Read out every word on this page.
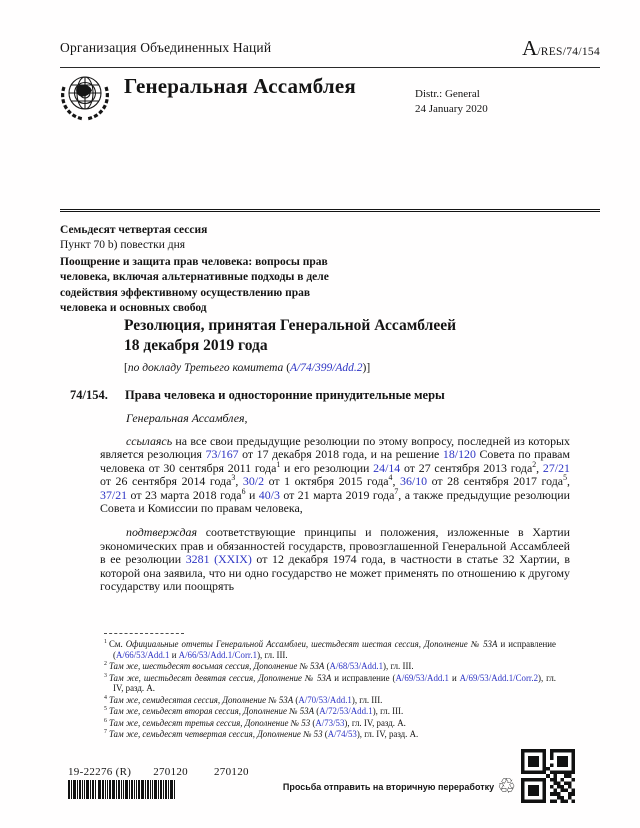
Организация Объединенных Наций	A/RES/74/154
Генеральная Ассамблея	Distr.: General
24 January 2020
Семьдесят четвертая сессия
Пункт 70 b) повестки дня
Поощрение и защита прав человека: вопросы прав человека, включая альтернативные подходы в деле содействия эффективному осуществлению прав человека и основных свобод
Резолюция, принятая Генеральной Ассамблеей
18 декабря 2019 года
[по докладу Третьего комитета (A/74/399/Add.2)]
74/154. Права человека и односторонние принудительные меры

Генеральная Ассамблея,

ссылаясь на все свои предыдущие резолюции по этому вопросу, последней из которых является резолюция 73/167 от 17 декабря 2018 года, и на решение 18/120 Совета по правам человека от 30 сентября 2011 года$^1$ и его резолюции 24/14 от 27 сентября 2013 года$^2$, 27/21 от 26 сентября 2014 года$^3$, 30/2 от 1 октября 2015 года$^4$, 36/10 от 28 сентября 2017 года$^5$, 37/21 от 23 марта 2018 года$^6$ и 40/3 от 21 марта 2019 года$^7$, а также предыдущие резолюции Совета и Комиссии по правам человека,

подтверждая соответствующие принципы и положения, изложенные в Хартии экономических прав и обязанностей государств, провозглашенной Генеральной Ассамблеей в ее резолюции 3281 (XXIX) от 12 декабря 1974 года, в частности в статье 32 Хартии, в которой она заявила, что ни одно государство не может применять по отношению к другому государству или поощрять

$^1$ См. Официальные отчеты Генеральной Ассамблеи, шестьдесят шестая сессия, Дополнение № 53A и исправление (A/66/53/Add.1 и A/66/53/Add.1/Corr.1), гл. III.
$^2$ Там же, шестьдесят восьмая сессия, Дополнение № 53A (A/68/53/Add.1), гл. III.
$^3$ Там же, шестьдесят девятая сессия, Дополнение № 53A и исправление (A/69/53/Add.1 и A/69/53/Add.1/Corr.2), гл. IV, разд. A.
$^4$ Там же, семидесятая сессия, Дополнение № 53A (A/70/53/Add.1), гл. III.
$^5$ Там же, семьдесят вторая сессия, Дополнение № 53A (A/72/53/Add.1), гл. III.
$^6$ Там же, семьдесят третья сессия, Дополнение № 53 (A/73/53), гл. IV, разд. A.
$^7$ Там же, семьдесят четвертая сессия, Дополнение № 53 (A/74/53), гл. IV, разд. A.
19-22276 (R) 270120 270120
Просьба отправить на вторичную переработку ♲
